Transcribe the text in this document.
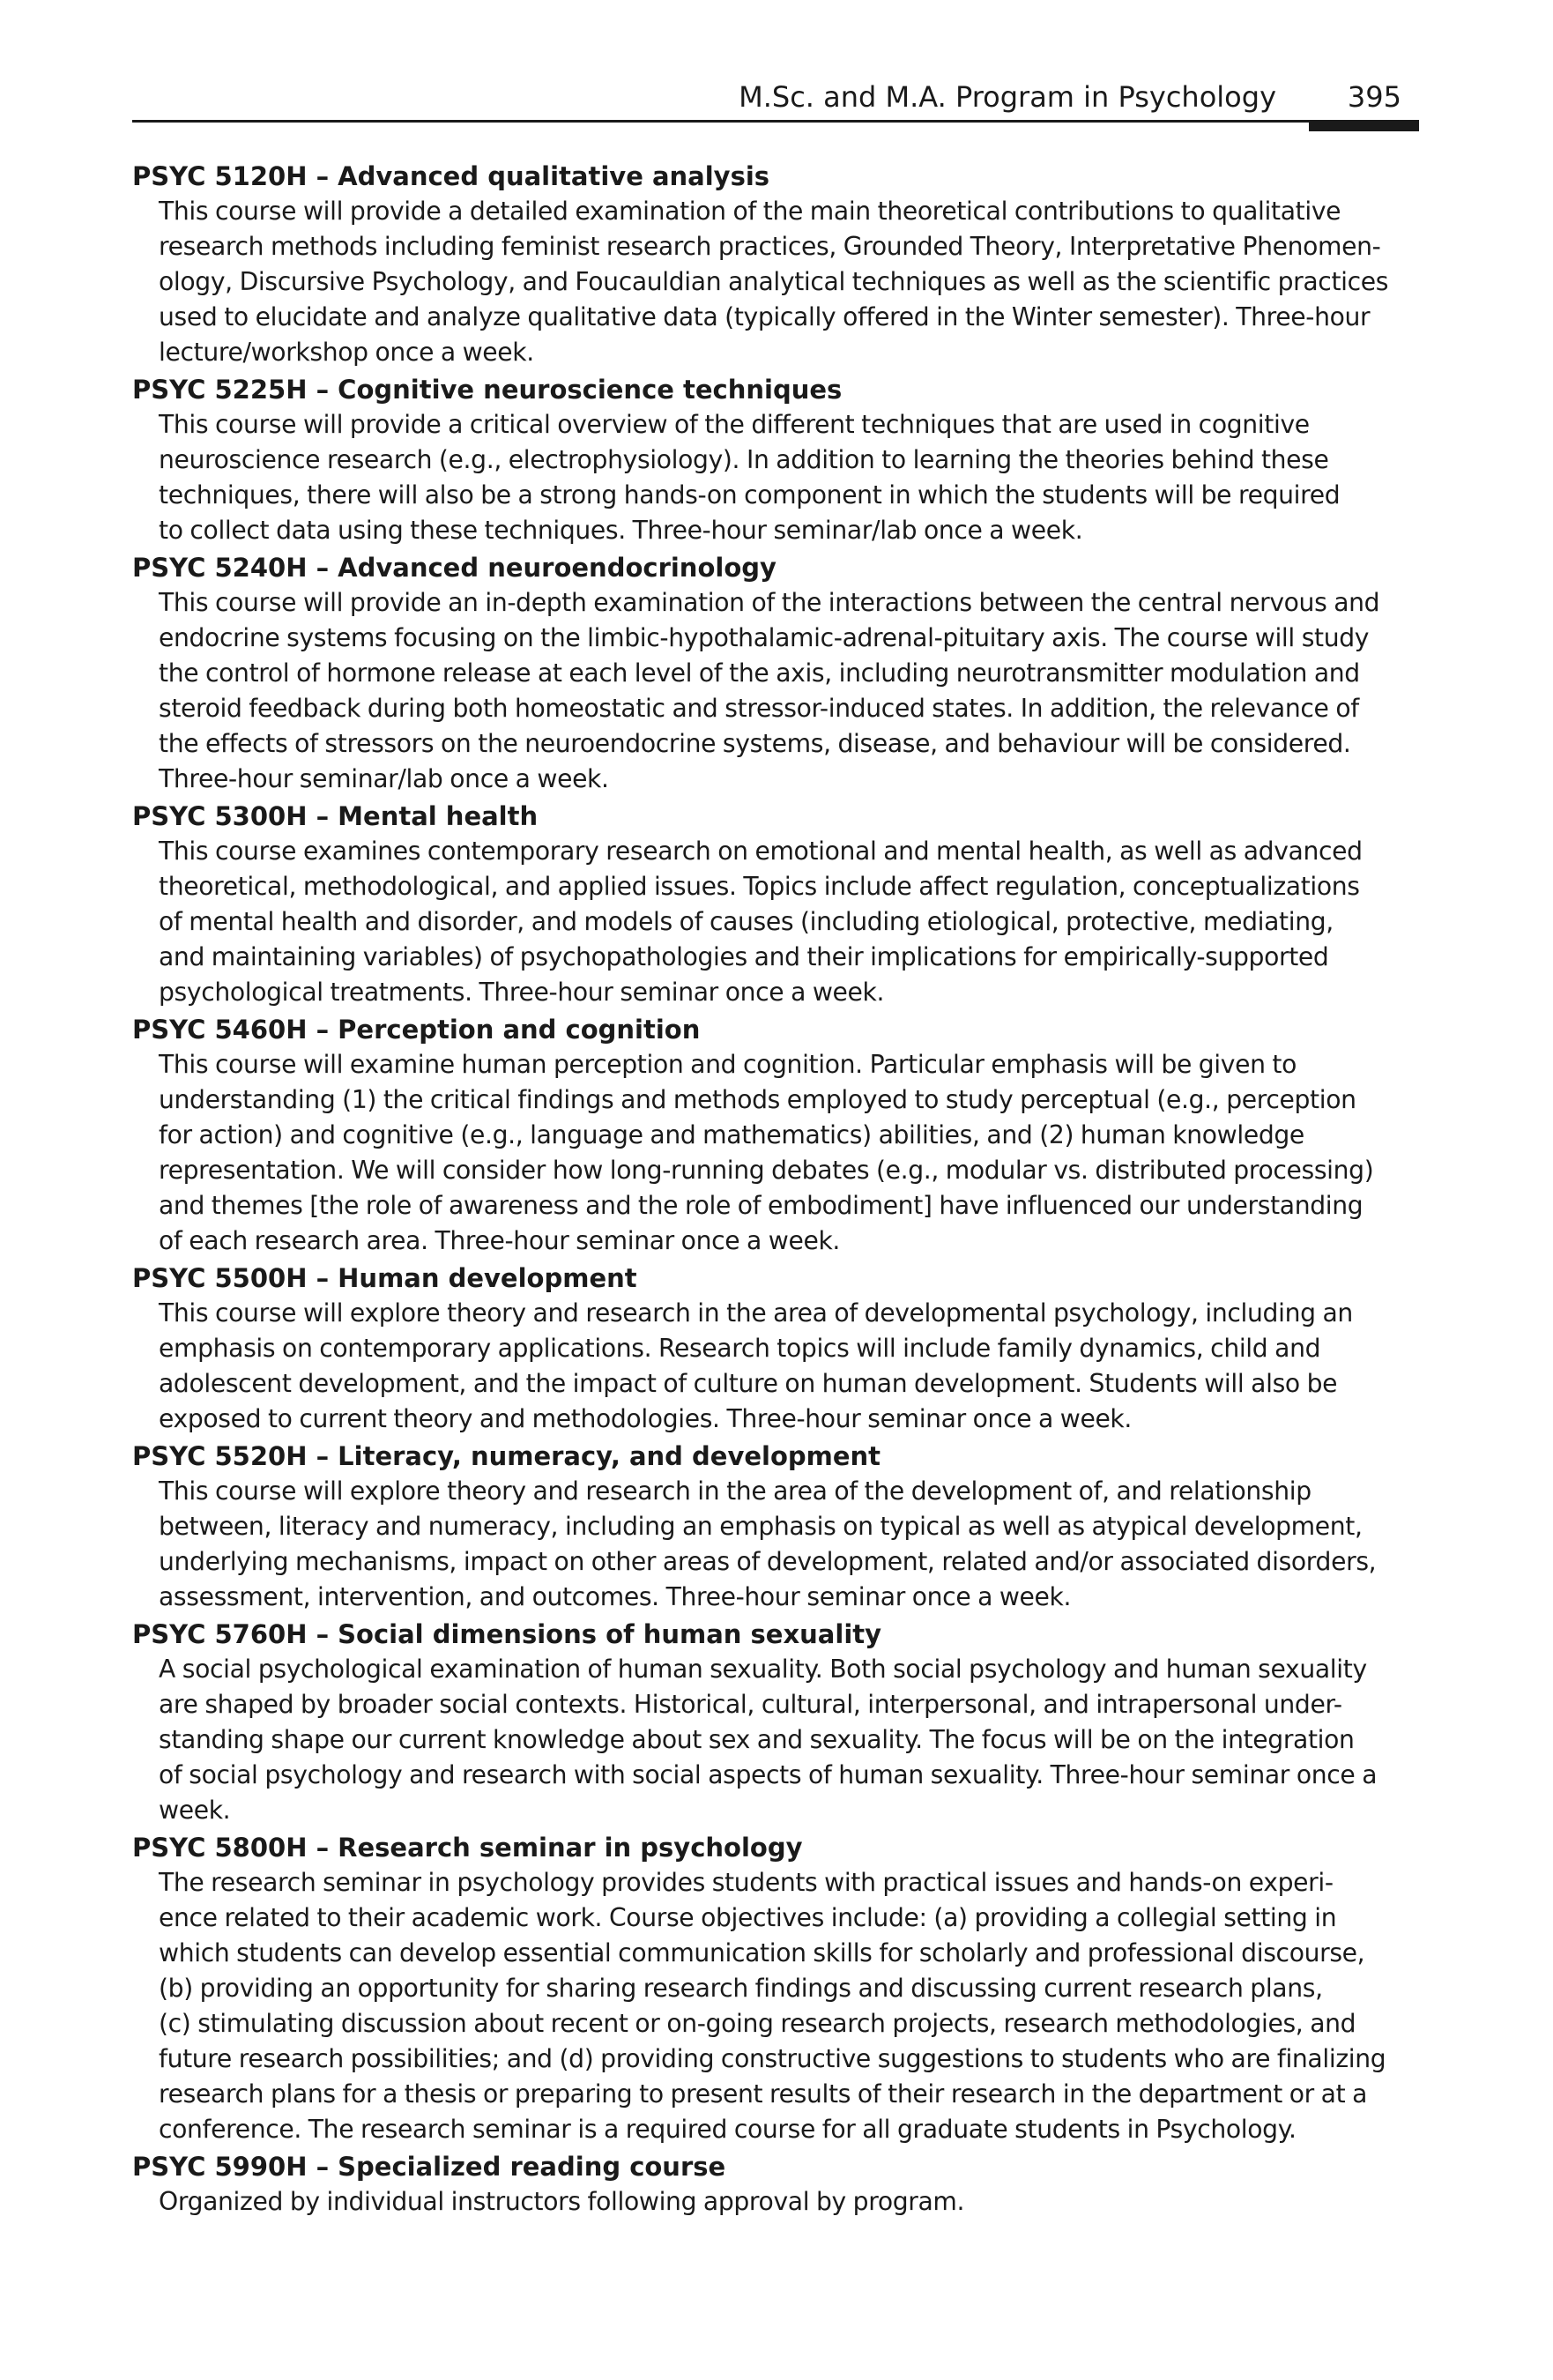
M.Sc. and M.A. Program in Psychology	395
PSYC 5120H – Advanced qualitative analysis
This course will provide a detailed examination of the main theoretical contributions to qualitative
research methods including feminist research practices, Grounded Theory, Interpretative Phenomen-
ology, Discursive Psychology, and Foucauldian analytical techniques as well as the scientific practices
used to elucidate and analyze qualitative data (typically offered in the Winter semester). Three-hour
lecture/workshop once a week.
PSYC 5225H – Cognitive neuroscience techniques
This course will provide a critical overview of the different techniques that are used in cognitive
neuroscience research (e.g., electrophysiology). In addition to learning the theories behind these
techniques, there will also be a strong hands-on component in which the students will be required
to collect data using these techniques. Three-hour seminar/lab once a week.
PSYC 5240H – Advanced neuroendocrinology
This course will provide an in-depth examination of the interactions between the central nervous and
endocrine systems focusing on the limbic-hypothalamic-adrenal-pituitary axis. The course will study
the control of hormone release at each level of the axis, including neurotransmitter modulation and
steroid feedback during both homeostatic and stressor-induced states. In addition, the relevance of
the effects of stressors on the neuroendocrine systems, disease, and behaviour will be considered.
Three-hour seminar/lab once a week.
PSYC 5300H – Mental health
This course examines contemporary research on emotional and mental health, as well as advanced
theoretical, methodological, and applied issues. Topics include affect regulation, conceptualizations
of mental health and disorder, and models of causes (including etiological, protective, mediating,
and maintaining variables) of psychopathologies and their implications for empirically-supported
psychological treatments. Three-hour seminar once a week.
PSYC 5460H – Perception and cognition
This course will examine human perception and cognition. Particular emphasis will be given to
understanding (1) the critical findings and methods employed to study perceptual (e.g., perception
for action) and cognitive (e.g., language and mathematics) abilities, and (2) human knowledge
representation. We will consider how long-running debates (e.g., modular vs. distributed processing)
and themes [the role of awareness and the role of embodiment] have influenced our understanding
of each research area. Three-hour seminar once a week.
PSYC 5500H – Human development
This course will explore theory and research in the area of developmental psychology, including an
emphasis on contemporary applications. Research topics will include family dynamics, child and
adolescent development, and the impact of culture on human development. Students will also be
exposed to current theory and methodologies. Three-hour seminar once a week.
PSYC 5520H – Literacy, numeracy, and development
This course will explore theory and research in the area of the development of, and relationship
between, literacy and numeracy, including an emphasis on typical as well as atypical development,
underlying mechanisms, impact on other areas of development, related and/or associated disorders,
assessment, intervention, and outcomes. Three-hour seminar once a week.
PSYC 5760H – Social dimensions of human sexuality
A social psychological examination of human sexuality. Both social psychology and human sexuality
are shaped by broader social contexts. Historical, cultural, interpersonal, and intrapersonal under-
standing shape our current knowledge about sex and sexuality. The focus will be on the integration
of social psychology and research with social aspects of human sexuality. Three-hour seminar once a
week.
PSYC 5800H – Research seminar in psychology
The research seminar in psychology provides students with practical issues and hands-on experi-
ence related to their academic work. Course objectives include: (a) providing a collegial setting in
which students can develop essential communication skills for scholarly and professional discourse,
(b) providing an opportunity for sharing research findings and discussing current research plans,
(c) stimulating discussion about recent or on-going research projects, research methodologies, and
future research possibilities; and (d) providing constructive suggestions to students who are finalizing
research plans for a thesis or preparing to present results of their research in the department or at a
conference. The research seminar is a required course for all graduate students in Psychology.
PSYC 5990H – Specialized reading course
Organized by individual instructors following approval by program.
